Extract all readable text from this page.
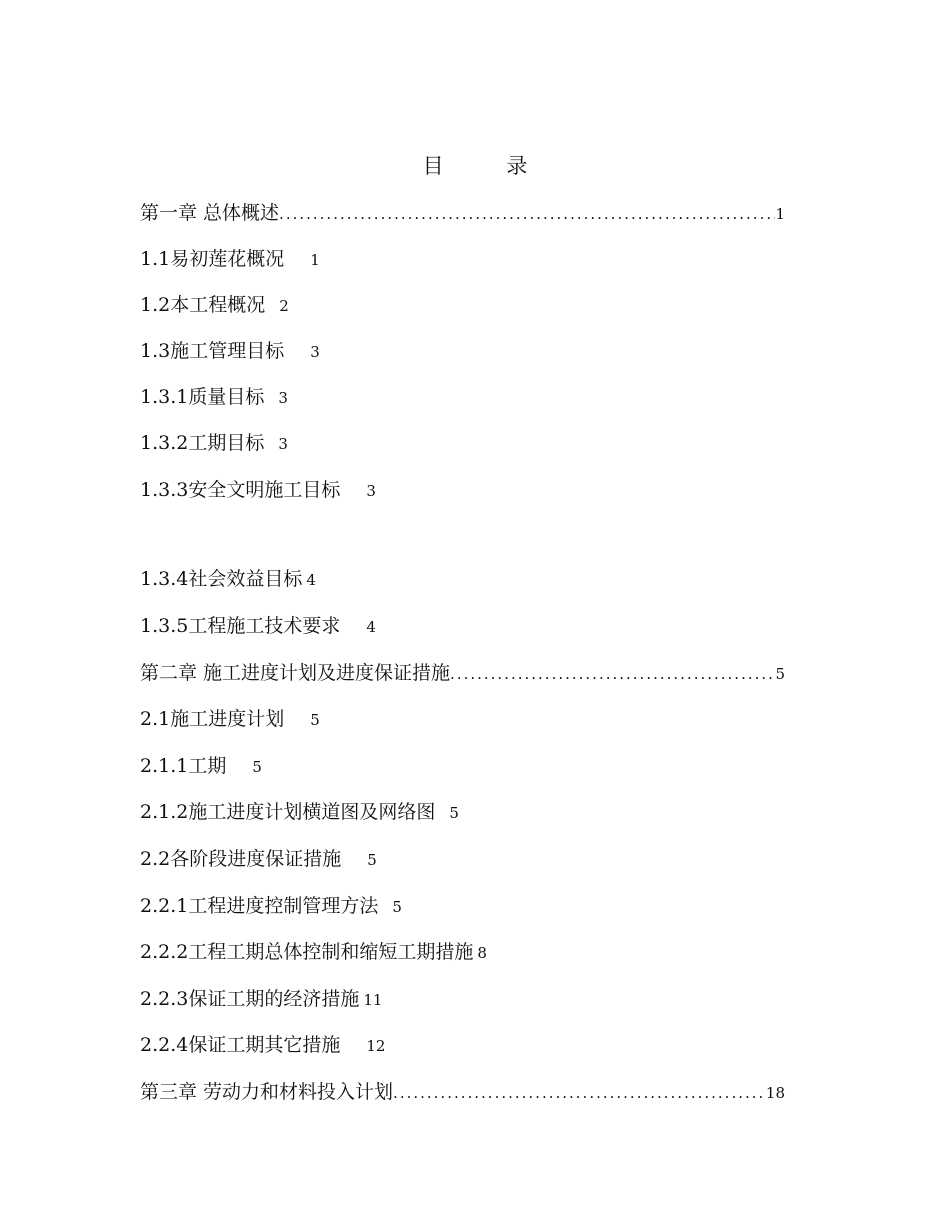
目 录
第一章 总体概述 .....	1
1.1易初莲花概况 1
1.2本工程概况 2
1.3施工管理目标 3
1.3.1质量目标 3
1.3.2工期目标 3
1.3.3安全文明施工目标 3
1.3.4社会效益目标 4
1.3.5工程施工技术要求 4
第二章 施工进度计划及进度保证措施 .....	5
2.1施工进度计划 5
2.1.1工期 5
2.1.2施工进度计划横道图及网络图 5
2.2各阶段进度保证措施 5
2.2.1工程进度控制管理方法 5
2.2.2工程工期总体控制和缩短工期措施 8
2.2.3保证工期的经济措施 11
2.2.4保证工期其它措施 12
第三章 劳动力和材料投入计划 .....	18
